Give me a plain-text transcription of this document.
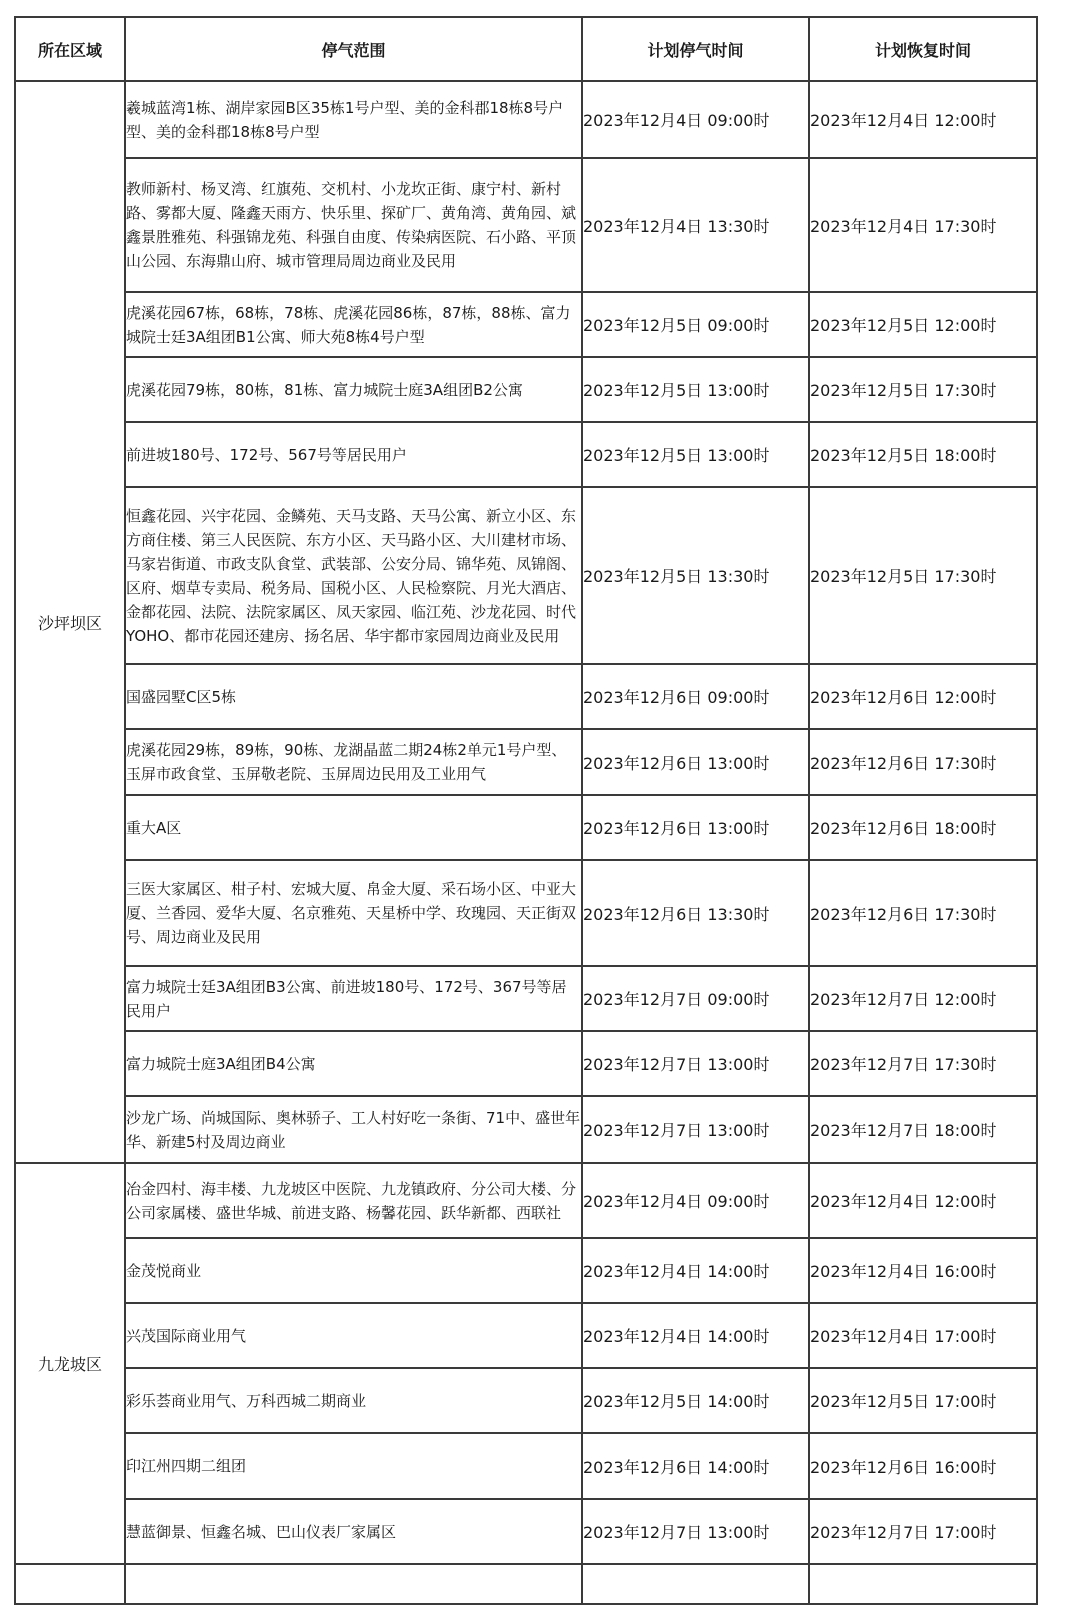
所在区域	停气范围	计划停气时间	计划恢复时间
沙坪坝区	羲城蓝湾1栋、湖岸家园B区35栋1号户型、美的金科郡18栋8号户型、美的金科郡18栋8号户型	2023年12月4日 09:00时	2023年12月4日 12:00时
	教师新村、杨叉湾、红旗苑、交机村、小龙坎正街、康宁村、新村路、雾都大厦、隆鑫天雨方、快乐里、探矿厂、黄角湾、黄角园、斌鑫景胜雅苑、科强锦龙苑、科强自由度、传染病医院、石小路、平顶山公园、东海鼎山府、城市管理局周边商业及民用	2023年12月4日 13:30时	2023年12月4日 17:30时
	虎溪花园67栋，68栋，78栋、虎溪花园86栋，87栋，88栋、富力城院士廷3A组团B1公寓、师大苑8栋4号户型	2023年12月5日 09:00时	2023年12月5日 12:00时
	虎溪花园79栋，80栋，81栋、富力城院士庭3A组团B2公寓	2023年12月5日 13:00时	2023年12月5日 17:30时
	前进坡180号、172号、567号等居民用户	2023年12月5日 13:00时	2023年12月5日 18:00时
	恒鑫花园、兴宇花园、金鳞苑、天马支路、天马公寓、新立小区、东方商住楼、第三人民医院、东方小区、天马路小区、大川建材市场、马家岩街道、市政支队食堂、武装部、公安分局、锦华苑、凤锦阁、区府、烟草专卖局、税务局、国税小区、人民检察院、月光大酒店、金都花园、法院、法院家属区、凤天家园、临江苑、沙龙花园、时代YOHO、都市花园还建房、扬名居、华宇都市家园周边商业及民用	2023年12月5日 13:30时	2023年12月5日 17:30时
	国盛园墅C区5栋	2023年12月6日 09:00时	2023年12月6日 12:00时
	虎溪花园29栋，89栋，90栋、龙湖晶蓝二期24栋2单元1号户型、玉屏市政食堂、玉屏敬老院、玉屏周边民用及工业用气	2023年12月6日 13:00时	2023年12月6日 17:30时
	重大A区	2023年12月6日 13:00时	2023年12月6日 18:00时
	三医大家属区、柑子村、宏城大厦、帛金大厦、采石场小区、中亚大厦、兰香园、爱华大厦、名京雅苑、天星桥中学、玫瑰园、天正街双号、周边商业及民用	2023年12月6日 13:30时	2023年12月6日 17:30时
	富力城院士廷3A组团B3公寓、前进坡180号、172号、367号等居民用户	2023年12月7日 09:00时	2023年12月7日 12:00时
	富力城院士庭3A组团B4公寓	2023年12月7日 13:00时	2023年12月7日 17:30时
	沙龙广场、尚城国际、奥林骄子、工人村好吃一条街、71中、盛世年华、新建5村及周边商业	2023年12月7日 13:00时	2023年12月7日 18:00时
九龙坡区	冶金四村、海丰楼、九龙坡区中医院、九龙镇政府、分公司大楼、分公司家属楼、盛世华城、前进支路、杨馨花园、跃华新都、西联社	2023年12月4日 09:00时	2023年12月4日 12:00时
	金茂悦商业	2023年12月4日 14:00时	2023年12月4日 16:00时
	兴茂国际商业用气	2023年12月4日 14:00时	2023年12月4日 17:00时
	彩乐荟商业用气、万科西城二期商业	2023年12月5日 14:00时	2023年12月5日 17:00时
	印江州四期二组团	2023年12月6日 14:00时	2023年12月6日 16:00时
	慧蓝御景、恒鑫名城、巴山仪表厂家属区	2023年12月7日 13:00时	2023年12月7日 17:00时
